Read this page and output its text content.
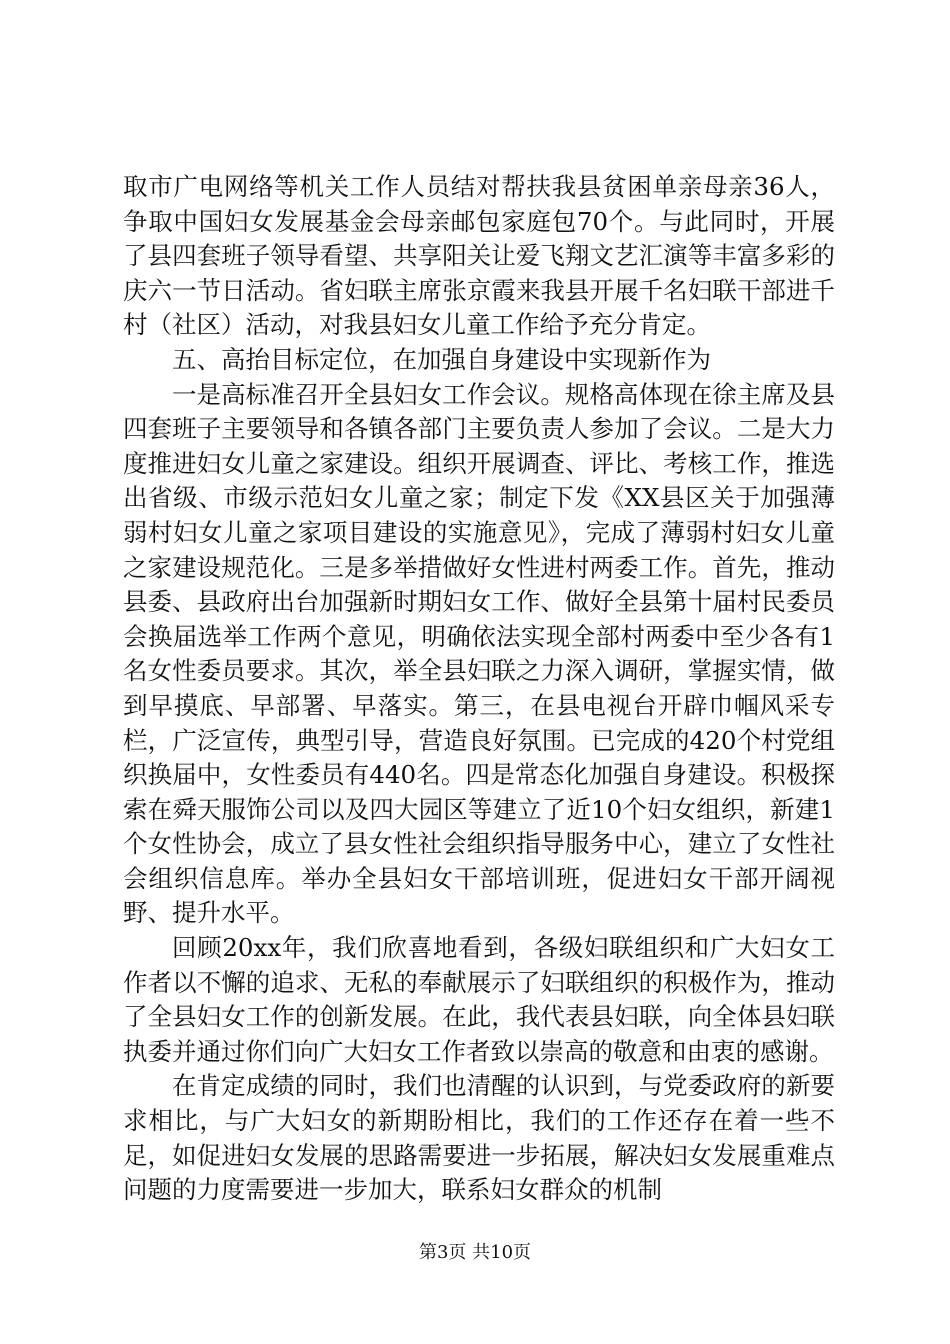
取市广电网络等机关工作人员结对帮扶我县贫困单亲母亲36人，争取中国妇女发展基金会母亲邮包家庭包70个。与此同时，开展了县四套班子领导看望、共享阳关让爱飞翔文艺汇演等丰富多彩的庆六一节日活动。省妇联主席张京霞来我县开展千名妇联干部进千村（社区）活动，对我县妇女儿童工作给予充分肯定。

五、高抬目标定位，在加强自身建设中实现新作为

一是高标准召开全县妇女工作会议。规格高体现在徐主席及县四套班子主要领导和各镇各部门主要负责人参加了会议。二是大力度推进妇女儿童之家建设。组织开展调查、评比、考核工作，推选出省级、市级示范妇女儿童之家；制定下发《XX县区关于加强薄弱村妇女儿童之家项目建设的实施意见》，完成了薄弱村妇女儿童之家建设规范化。三是多举措做好女性进村两委工作。首先，推动县委、县政府出台加强新时期妇女工作、做好全县第十届村民委员会换届选举工作两个意见，明确依法实现全部村两委中至少各有1名女性委员要求。其次，举全县妇联之力深入调研，掌握实情，做到早摸底、早部署、早落实。第三，在县电视台开辟巾帼风采专栏，广泛宣传，典型引导，营造良好氛围。已完成的420个村党组织换届中，女性委员有440名。四是常态化加强自身建设。积极探索在舜天服饰公司以及四大园区等建立了近10个妇女组织，新建1个女性协会，成立了县女性社会组织指导服务中心，建立了女性社会组织信息库。举办全县妇女干部培训班，促进妇女干部开阔视野、提升水平。

回顾20xx年，我们欣喜地看到，各级妇联组织和广大妇女工作者以不懈的追求、无私的奉献展示了妇联组织的积极作为，推动了全县妇女工作的创新发展。在此，我代表县妇联，向全体县妇联执委并通过你们向广大妇女工作者致以崇高的敬意和由衷的感谢。

在肯定成绩的同时，我们也清醒的认识到，与党委政府的新要求相比，与广大妇女的新期盼相比，我们的工作还存在着一些不足，如促进妇女发展的思路需要进一步拓展，解决妇女发展重难点问题的力度需要进一步加大，联系妇女群众的机制

第3页 共10页
